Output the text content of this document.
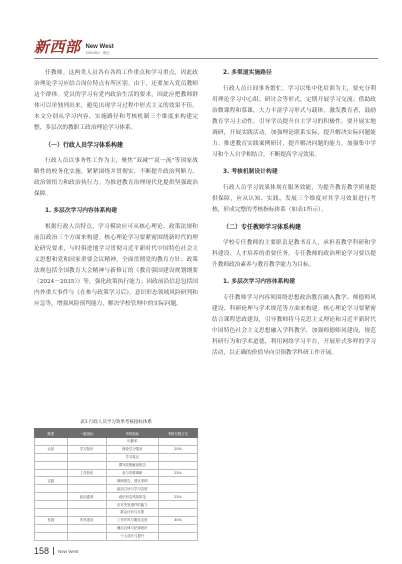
新西部 New West
XINXIBU · 理论

任教师。这两类人员各有各的工作重点和学习重点，因此政治理论学习应结合岗位特点有所区别。由于，还要加入党员教师这个群体。党员的学习有党内政治生活的要求，因此应把教师群体可以单独列出来，避免出现学习过程中形式主义的效果不佳。本文分别从学习内容、实施路径和考核机制三个维度来构建完整、多层次的教职工政治理论学习体系。

（一）行政人员学习体系构建

行政人员以事务性工作为主，聚焦“双减”“双一流”等国家战略性的校务化实施，紧紧围绕并贯彻实，不断提升政治判断力、政治领悟力和政治执行力。为推进教育治理现代化提供坚强政治保障。

1. 多层次学习内容体系构建

根据行政人员特点，学习模块应可从核心理论、政策法规和前沿政治三个方面来构建。核心理论学习要紧密围绕新时代的理论研究要求，与时俱进地学习贯彻习近平新时代中国特色社会主义思想和党和国家重要会议精神，全面贯彻党的教育方针；政策法规包括全国教育大会精神与新修订的《教育强国建设规划纲要（2024－2035）》等，强化政策执行能力；因政前沿信息包括国内外重大事件与《在参与政策学习后》，意识形态领域风险研判和应急等，增强风险预判能力，解决学校管理中的实际问题。

表1 行政人员学习效果考核指标体系
维度	一级指标	考核指标	考核分数占比
		出勤率	
认知	学习知识	理论学习情况	20%
		学习笔记	
		撰写政策解读报告	
	工作转化	参与决策调研	25%
实践		调研报告、建议采纳	
		政治立场与学习态度	
	政治素养	意识形态风险防范	25%
		应对突发事件的能力	
		群众评价与反馈	
发展	作风建设	工作作风与服务态度	30%
		廉洁自律与纪律意识	
		个人成长与提升	
2. 多渠道实施路径

行政人员日间事务繁忙，学习以集中化培训为主，要充分利用理论学习中心组、研讨会等形式，定期开展学习交流；借助政治微课程和慕课，大力丰富学习形式与载体，激发教育者，鼓励教育学习主动性，引导学员提升自主学习的积极性。要开展实地调研，开展实践活动，加强理论联系实际，提升解决实际问题能力。推进教育实践案例研讨，提升解决问题的能力，加强集中学习和个人自学相结合，不断提高学习效果。

3. 考核机制设计构建

行政人员学习效果体现在服务效能，为提升教育教学质量提供保障，应从认知、实践、发展三个维度对其学习效果进行考核，形成完整的考核指标体系（如表1所示）。

（二）专任教师学习体系构建

学校专任教师的主要职责是教书育人，承担着教学科研和学科建设、人才培养的重要任务。专任教师的政治理论学习要以提升教师政治素养与教育教学能力为目标。

1. 多层次学习内容体系构建

专任教师学习内容须围绕思想政治教育融入教学、师德师风建设、科研伦理与学术规范等方面来构建。核心理论学习要紧密结合课程思政建设，引导教师将马克思主义理论和习近平新时代中国特色社会主义思想融入学科教学，加强师德师风建设，规范科研行为和学术道德，利用网络学习平台，开展形式多样的学习活动，以正确的价值导向引领教学科研工作开展。

158 New West
